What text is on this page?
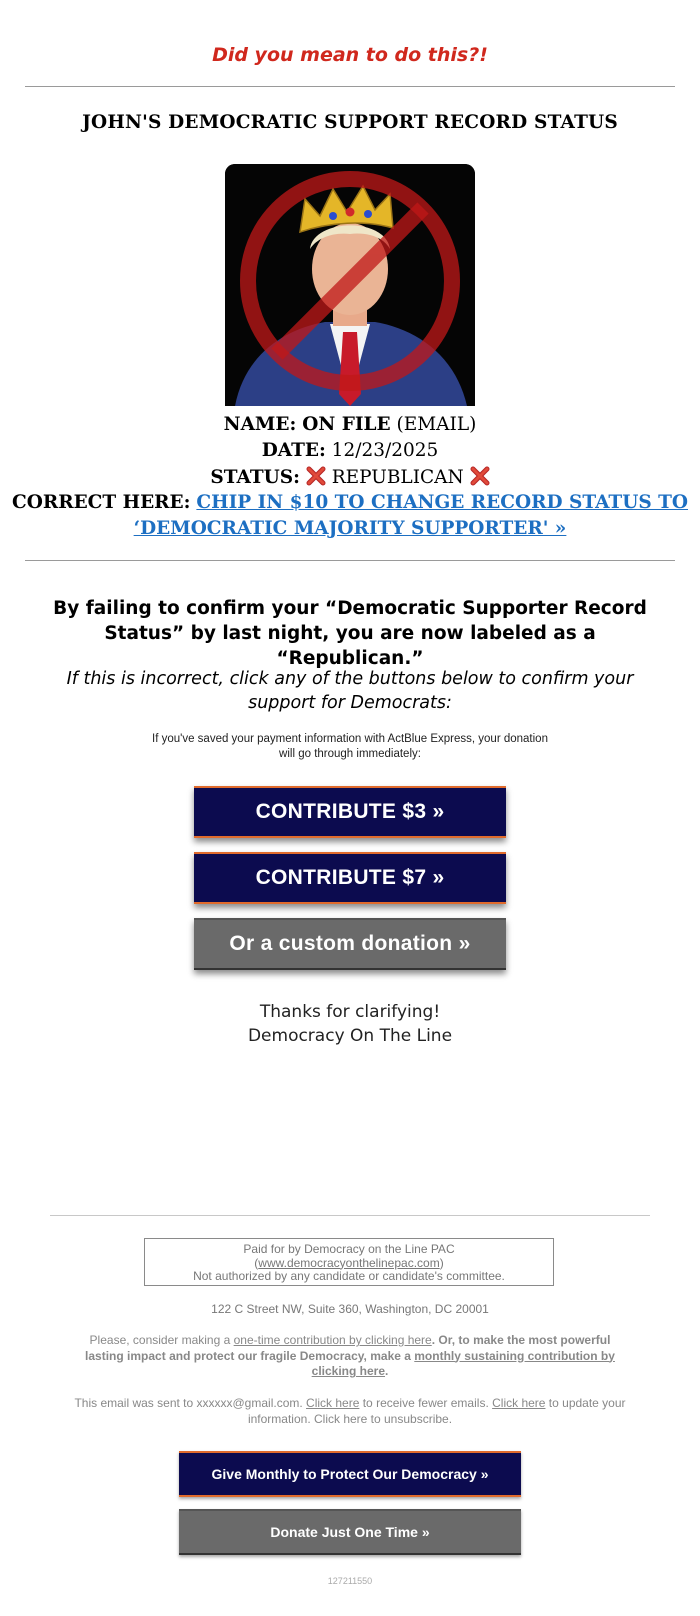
Did you mean to do this?!
JOHN'S DEMOCRATIC SUPPORT RECORD STATUS
NAME: ON FILE (EMAIL)
DATE: 12/23/2025
STATUS: REPUBLICAN
CORRECT HERE: CHIP IN $10 TO CHANGE RECORD STATUS TO
‘DEMOCRATIC MAJORITY SUPPORTER' »
By failing to confirm your “Democratic Supporter Record
Status” by last night, you are now labeled as a “Republican.”
If this is incorrect, click any of the buttons below to confirm your
support for Democrats:
If you've saved your payment information with ActBlue Express, your donation
will go through immediately:
CONTRIBUTE $3 »
CONTRIBUTE $7 »
Or a custom donation »
Thanks for clarifying!
Democracy On The Line
Paid for by Democracy on the Line PAC
(www.democracyonthelinepac.com)
Not authorized by any candidate or candidate's committee.
122 C Street NW, Suite 360, Washington, DC 20001
Please, consider making a one-time contribution by clicking here. Or, to make the most powerful lasting impact and protect our fragile Democracy, make a monthly sustaining contribution by clicking here.
This email was sent to xxxxxx@gmail.com. Click here to receive fewer emails. Click here to update your information. Click here to unsubscribe.
Give Monthly to Protect Our Democracy »
Donate Just One Time »
127211550
